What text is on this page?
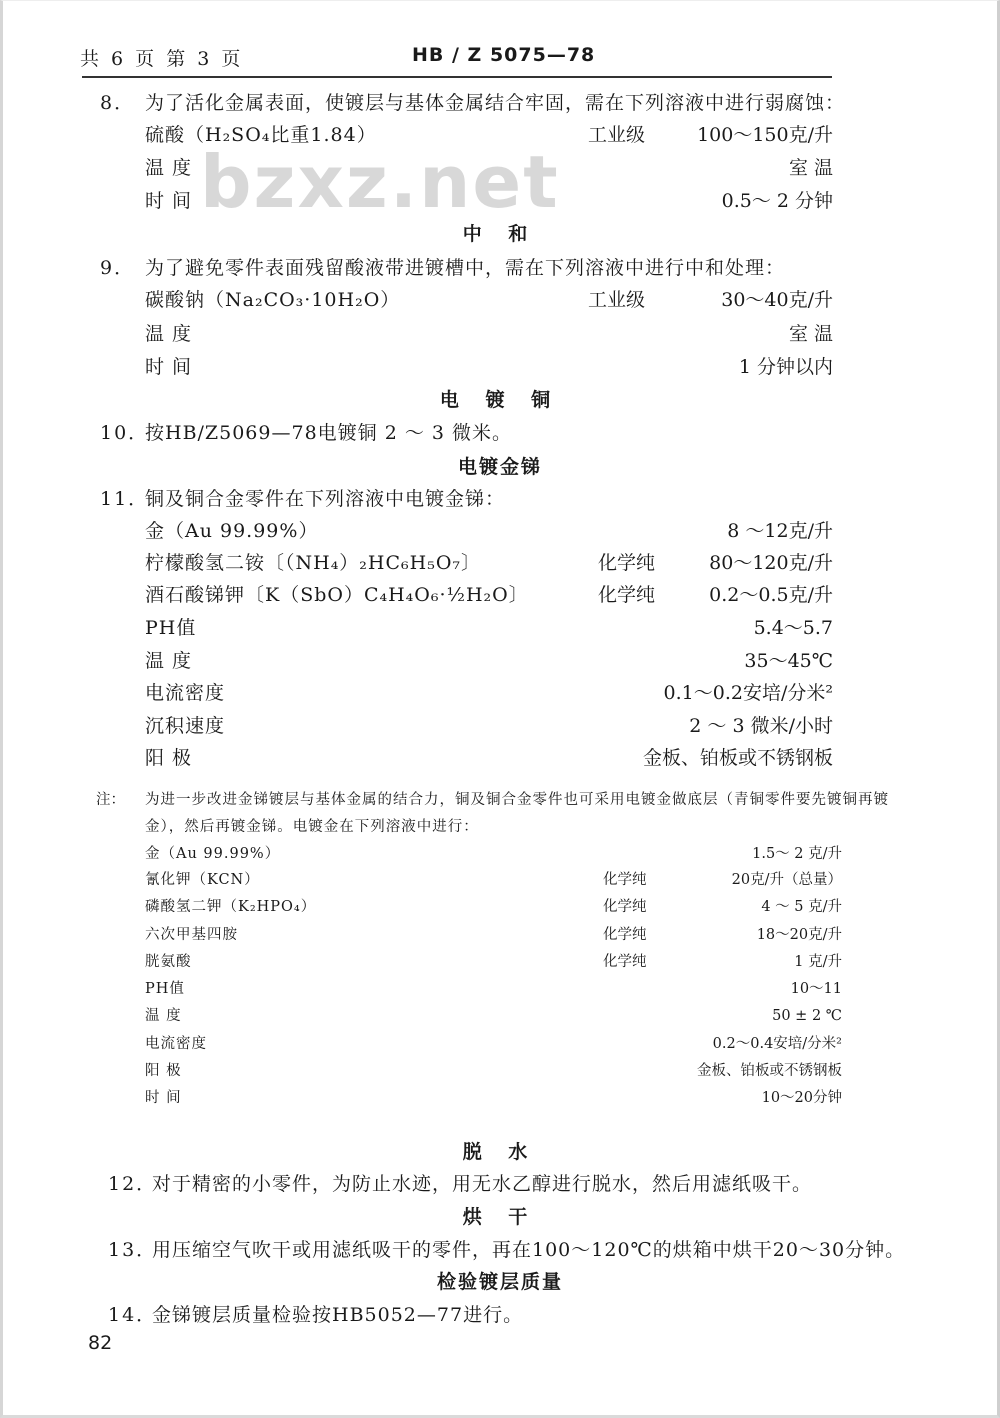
共 6 页 第 3 页	HB / Z 5075—78
bzxz.net
8． 为了活化金属表面，使镀层与基体金属结合牢固，需在下列溶液中进行弱腐蚀：
硫酸（H₂SO₄比重1.84）	工业级	100～150克/升
温 度	室 温
时 间	0.5～ 2 分钟
中 和
9． 为了避免零件表面残留酸液带进镀槽中，需在下列溶液中进行中和处理：
碳酸钠（Na₂CO₃·10H₂O）	工业级	30～40克/升
温 度	室 温
时 间	1 分钟以内
电 镀 铜
10．
按HB/Z5069—78电镀铜 2 ～ 3 微米。
电镀金锑
11．
铜及铜合金零件在下列溶液中电镀金锑：
金（Au 99.99%）	8 ～12克/升
柠檬酸氢二铵〔（NH₄）₂HC₆H₅O₇〕	化学纯	80～120克/升
酒石酸锑钾〔K（SbO）C₄H₄O₆·½H₂O〕	化学纯	0.2～0.5克/升
PH值	5.4～5.7
温 度	35～45℃
电流密度	0.1～0.2安培/分米²
沉积速度	2 ～ 3 微米/小时
阳 极	金板、铂板或不锈钢板
注： 为进一步改进金锑镀层与基体金属的结合力，铜及铜合金零件也可采用电镀金做底层（青铜零件要先镀铜再镀
金），然后再镀金锑。电镀金在下列溶液中进行：
金（Au 99.99%）	1.5～ 2 克/升
氰化钾（KCN）	化学纯	20克/升（总量）
磷酸氢二钾（K₂HPO₄）	化学纯	4 ～ 5 克/升
六次甲基四胺	化学纯	18～20克/升
胱氨酸	化学纯	1 克/升
PH值	10～11
温 度	50 ± 2 ℃
电流密度	0.2～0.4安培/分米²
阳 极	金板、铂板或不锈钢板
时 间	10～20分钟
脱 水
12．
对于精密的小零件，为防止水迹，用无水乙醇进行脱水，然后用滤纸吸干。
烘 干
13．
用压缩空气吹干或用滤纸吸干的零件，再在100～120℃的烘箱中烘干20～30分钟。
检验镀层质量
14．
金锑镀层质量检验按HB5052—77进行。
82
